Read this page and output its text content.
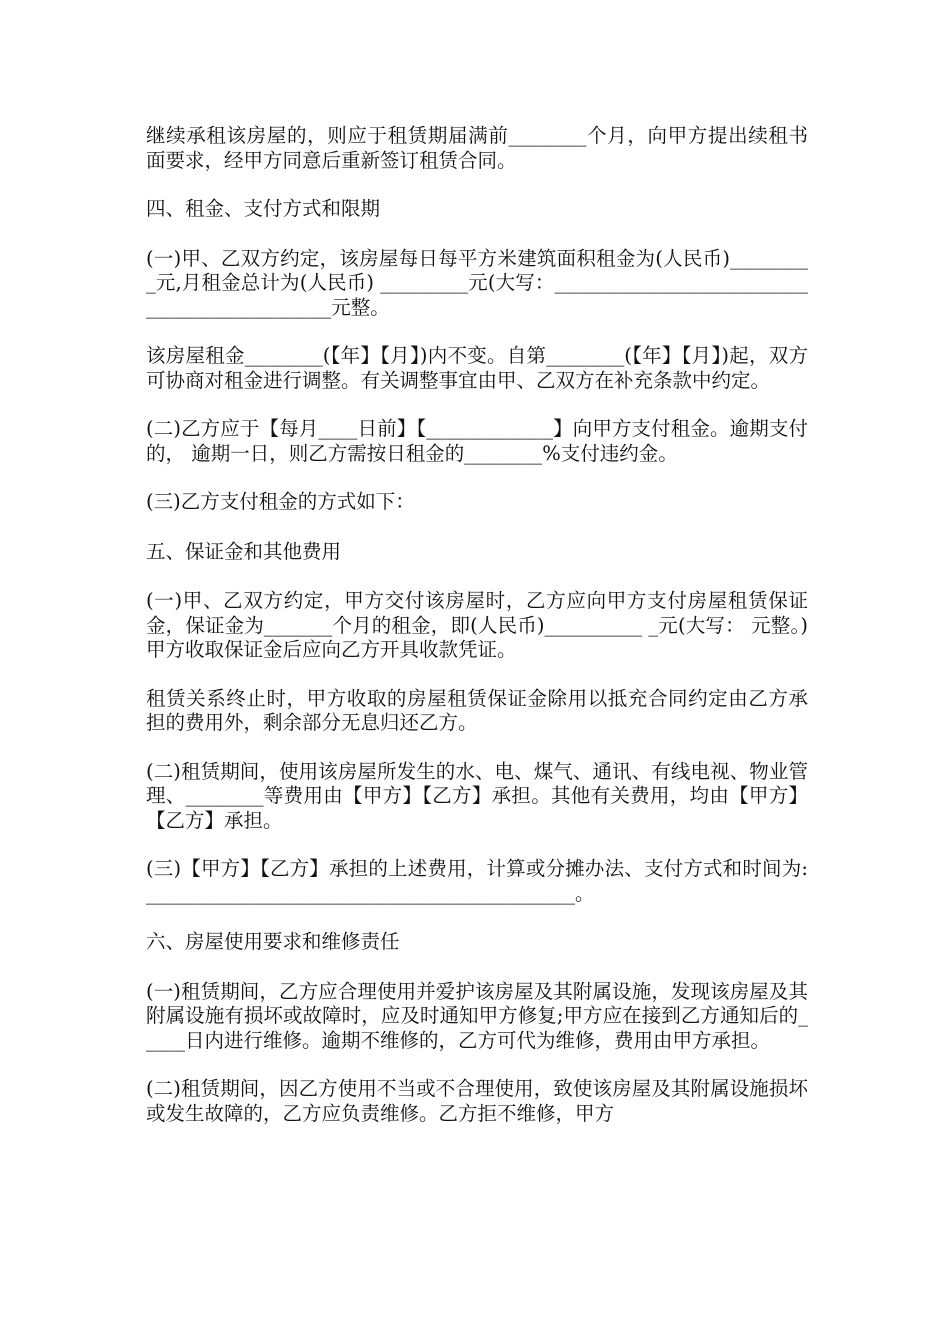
继续承租该房屋的，则应于租赁期届满前________个月，向甲方提出续租书面要求，经甲方同意后重新签订租赁合同。

四、租金、支付方式和限期

(一)甲、乙双方约定，该房屋每日每平方米建筑面积租金为(人民币)_________元,月租金总计为(人民币) _________元(大写：_____________________________________________元整。

该房屋租金________(【年】【月】)内不变。自第________(【年】【月】)起，双方可协商对租金进行调整。有关调整事宜由甲、乙双方在补充条款中约定。

(二)乙方应于【每月____日前】【_____________】向甲方支付租金。逾期支付的， 逾期一日，则乙方需按日租金的________%支付违约金。

(三)乙方支付租金的方式如下：

五、保证金和其他费用

(一)甲、乙双方约定，甲方交付该房屋时，乙方应向甲方支付房屋租赁保证金，保证金为_______个月的租金，即(人民币)__________ _元(大写： 元整。)甲方收取保证金后应向乙方开具收款凭证。

租赁关系终止时，甲方收取的房屋租赁保证金除用以抵充合同约定由乙方承担的费用外，剩余部分无息归还乙方。

(二)租赁期间，使用该房屋所发生的水、电、煤气、通讯、有线电视、物业管理、________等费用由【甲方】【乙方】承担。其他有关费用，均由【甲方】【乙方】承担。

(三)【甲方】【乙方】承担的上述费用，计算或分摊办法、支付方式和时间为:____________________________________________。

六、房屋使用要求和维修责任

(一)租赁期间，乙方应合理使用并爱护该房屋及其附属设施，发现该房屋及其附属设施有损坏或故障时，应及时通知甲方修复;甲方应在接到乙方通知后的_____日内进行维修。逾期不维修的，乙方可代为维修，费用由甲方承担。

(二)租赁期间，因乙方使用不当或不合理使用，致使该房屋及其附属设施损坏或发生故障的，乙方应负责维修。乙方拒不维修，甲方
